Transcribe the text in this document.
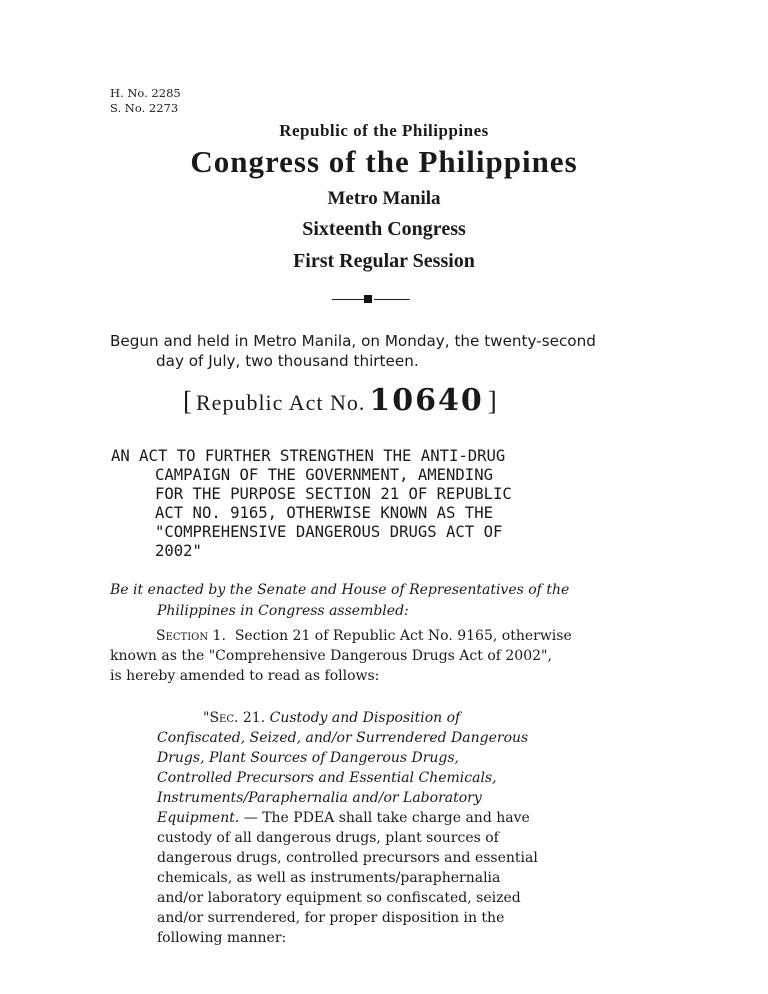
H. No. 2285
S. No. 2273
Republic of the Philippines
Congress of the Philippines
Metro Manila
Sixteenth Congress
First Regular Session
Begun and held in Metro Manila, on Monday, the twenty-second
day of July, two thousand thirteen.
[ Republic Act No. 10640 ]
AN ACT TO FURTHER STRENGTHEN THE ANTI-DRUG
CAMPAIGN OF THE GOVERNMENT, AMENDING
FOR THE PURPOSE SECTION 21 OF REPUBLIC
ACT NO. 9165, OTHERWISE KNOWN AS THE
"COMPREHENSIVE DANGEROUS DRUGS ACT OF
2002"
Be it enacted by the Senate and House of Representatives of the
Philippines in Congress assembled:
Section 1. Section 21 of Republic Act No. 9165, otherwise
known as the "Comprehensive Dangerous Drugs Act of 2002",
is hereby amended to read as follows:
"Sec. 21. Custody and Disposition of
Confiscated, Seized, and/or Surrendered Dangerous
Drugs, Plant Sources of Dangerous Drugs,
Controlled Precursors and Essential Chemicals,
Instruments/Paraphernalia and/or Laboratory
Equipment. — The PDEA shall take charge and have
custody of all dangerous drugs, plant sources of
dangerous drugs, controlled precursors and essential
chemicals, as well as instruments/paraphernalia
and/or laboratory equipment so confiscated, seized
and/or surrendered, for proper disposition in the
following manner:
